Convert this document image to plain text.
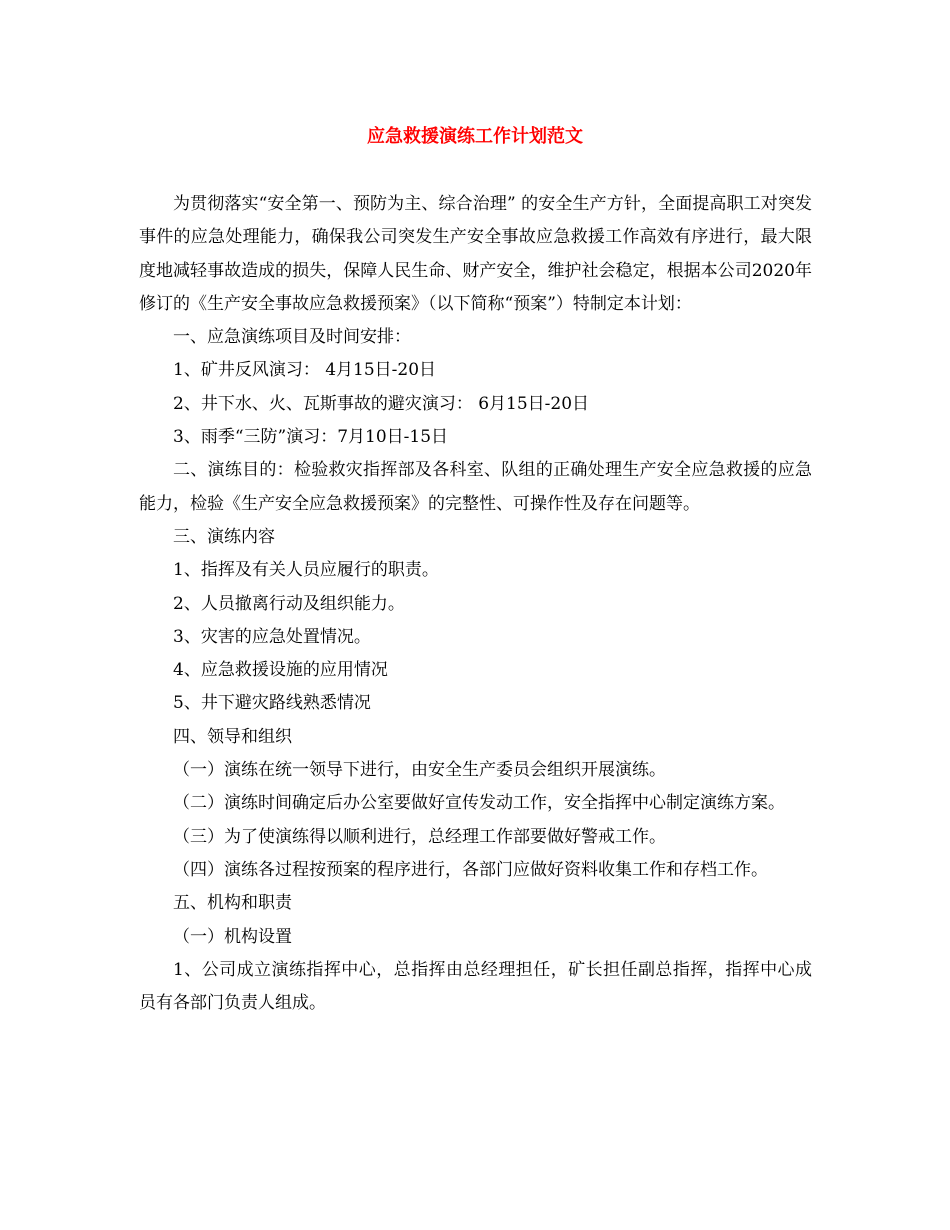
应急救援演练工作计划范文

为贯彻落实“安全第一、预防为主、综合治理” 的安全生产方针，全面提高职工对突发事件的应急处理能力，确保我公司突发生产安全事故应急救援工作高效有序进行，最大限度地减轻事故造成的损失，保障人民生命、财产安全，维护社会稳定，根据本公司2020年修订的《生产安全事故应急救援预案》（以下简称“预案”）特制定本计划：

一、应急演练项目及时间安排：

1、矿井反风演习： 4月15日-20日

2、井下水、火、瓦斯事故的避灾演习： 6月15日-20日

3、雨季“三防”演习：7月10日-15日

二、演练目的：检验救灾指挥部及各科室、队组的正确处理生产安全应急救援的应急能力，检验《生产安全应急救援预案》的完整性、可操作性及存在问题等。

三、演练内容

1、指挥及有关人员应履行的职责。

2、人员撤离行动及组织能力。

3、灾害的应急处置情况。

4、应急救援设施的应用情况

5、井下避灾路线熟悉情况

四、领导和组织

（一）演练在统一领导下进行，由安全生产委员会组织开展演练。

（二）演练时间确定后办公室要做好宣传发动工作，安全指挥中心制定演练方案。

（三）为了使演练得以顺利进行，总经理工作部要做好警戒工作。

（四）演练各过程按预案的程序进行，各部门应做好资料收集工作和存档工作。

五、机构和职责

（一）机构设置

1、公司成立演练指挥中心，总指挥由总经理担任，矿长担任副总指挥，指挥中心成员有各部门负责人组成。
